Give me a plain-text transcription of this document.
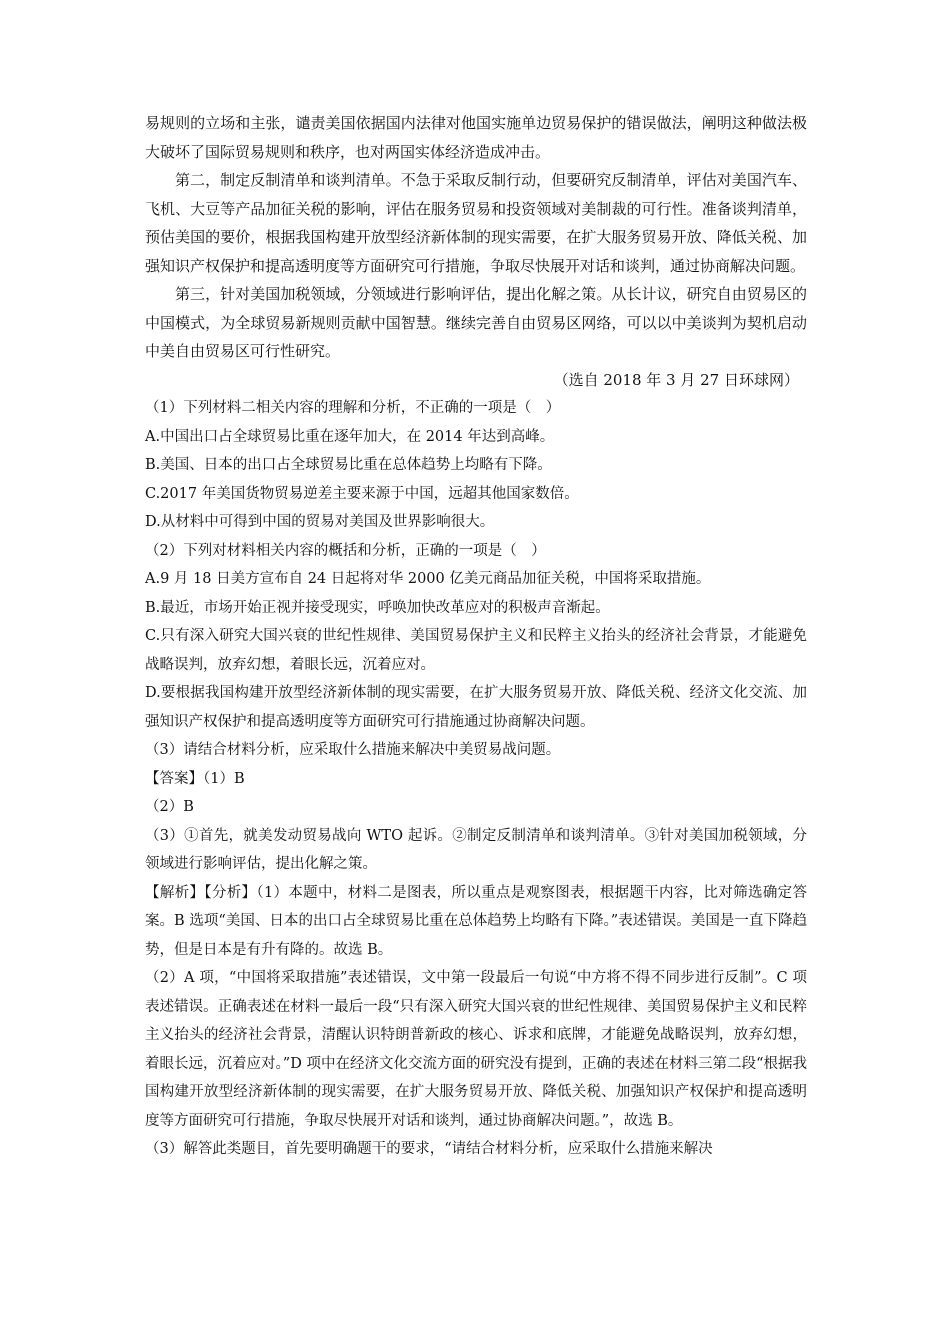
易规则的立场和主张，谴责美国依据国内法律对他国实施单边贸易保护的错误做法，阐明这种做法极大破坏了国际贸易规则和秩序，也对两国实体经济造成冲击。

第二，制定反制清单和谈判清单。不急于采取反制行动，但要研究反制清单，评估对美国汽车、飞机、大豆等产品加征关税的影响，评估在服务贸易和投资领域对美制裁的可行性。准备谈判清单，预估美国的要价，根据我国构建开放型经济新体制的现实需要，在扩大服务贸易开放、降低关税、加强知识产权保护和提高透明度等方面研究可行措施，争取尽快展开对话和谈判，通过协商解决问题。

第三，针对美国加税领域，分领域进行影响评估，提出化解之策。从长计议，研究自由贸易区的中国模式，为全球贸易新规则贡献中国智慧。继续完善自由贸易区网络，可以以中美谈判为契机启动中美自由贸易区可行性研究。

（选自 2018 年 3 月 27 日环球网）

（1）下列材料二相关内容的理解和分析，不正确的一项是（　）

A.中国出口占全球贸易比重在逐年加大，在 2014 年达到高峰。

B.美国、日本的出口占全球贸易比重在总体趋势上均略有下降。

C.2017 年美国货物贸易逆差主要来源于中国，远超其他国家数倍。

D.从材料中可得到中国的贸易对美国及世界影响很大。

（2）下列对材料相关内容的概括和分析，正确的一项是（　）

A.9 月 18 日美方宣布自 24 日起将对华 2000 亿美元商品加征关税，中国将采取措施。

B.最近，市场开始正视并接受现实，呼唤加快改革应对的积极声音渐起。

C.只有深入研究大国兴衰的世纪性规律、美国贸易保护主义和民粹主义抬头的经济社会背景，才能避免战略误判，放弃幻想，着眼长远，沉着应对。

D.要根据我国构建开放型经济新体制的现实需要，在扩大服务贸易开放、降低关税、经济文化交流、加强知识产权保护和提高透明度等方面研究可行措施通过协商解决问题。

（3）请结合材料分析，应采取什么措施来解决中美贸易战问题。

【答案】（1）B

（2）B

（3）①首先，就美发动贸易战向 WTO 起诉。②制定反制清单和谈判清单。③针对美国加税领域，分领域进行影响评估，提出化解之策。

【解析】【分析】（1）本题中，材料二是图表，所以重点是观察图表，根据题干内容，比对筛选确定答案。B 选项“美国、日本的出口占全球贸易比重在总体趋势上均略有下降。”表述错误。美国是一直下降趋势，但是日本是有升有降的。故选 B。

（2）A 项，“中国将采取措施”表述错误，文中第一段最后一句说“中方将不得不同步进行反制”。C 项表述错误。正确表述在材料一最后一段“只有深入研究大国兴衰的世纪性规律、美国贸易保护主义和民粹主义抬头的经济社会背景，清醒认识特朗普新政的核心、诉求和底牌，才能避免战略误判，放弃幻想，着眼长远，沉着应对。”D 项中在经济文化交流方面的研究没有提到，正确的表述在材料三第二段“根据我国构建开放型经济新体制的现实需要，在扩大服务贸易开放、降低关税、加强知识产权保护和提高透明度等方面研究可行措施，争取尽快展开对话和谈判，通过协商解决问题。”，故选 B。

（3）解答此类题目，首先要明确题干的要求，“请结合材料分析，应采取什么措施来解决
